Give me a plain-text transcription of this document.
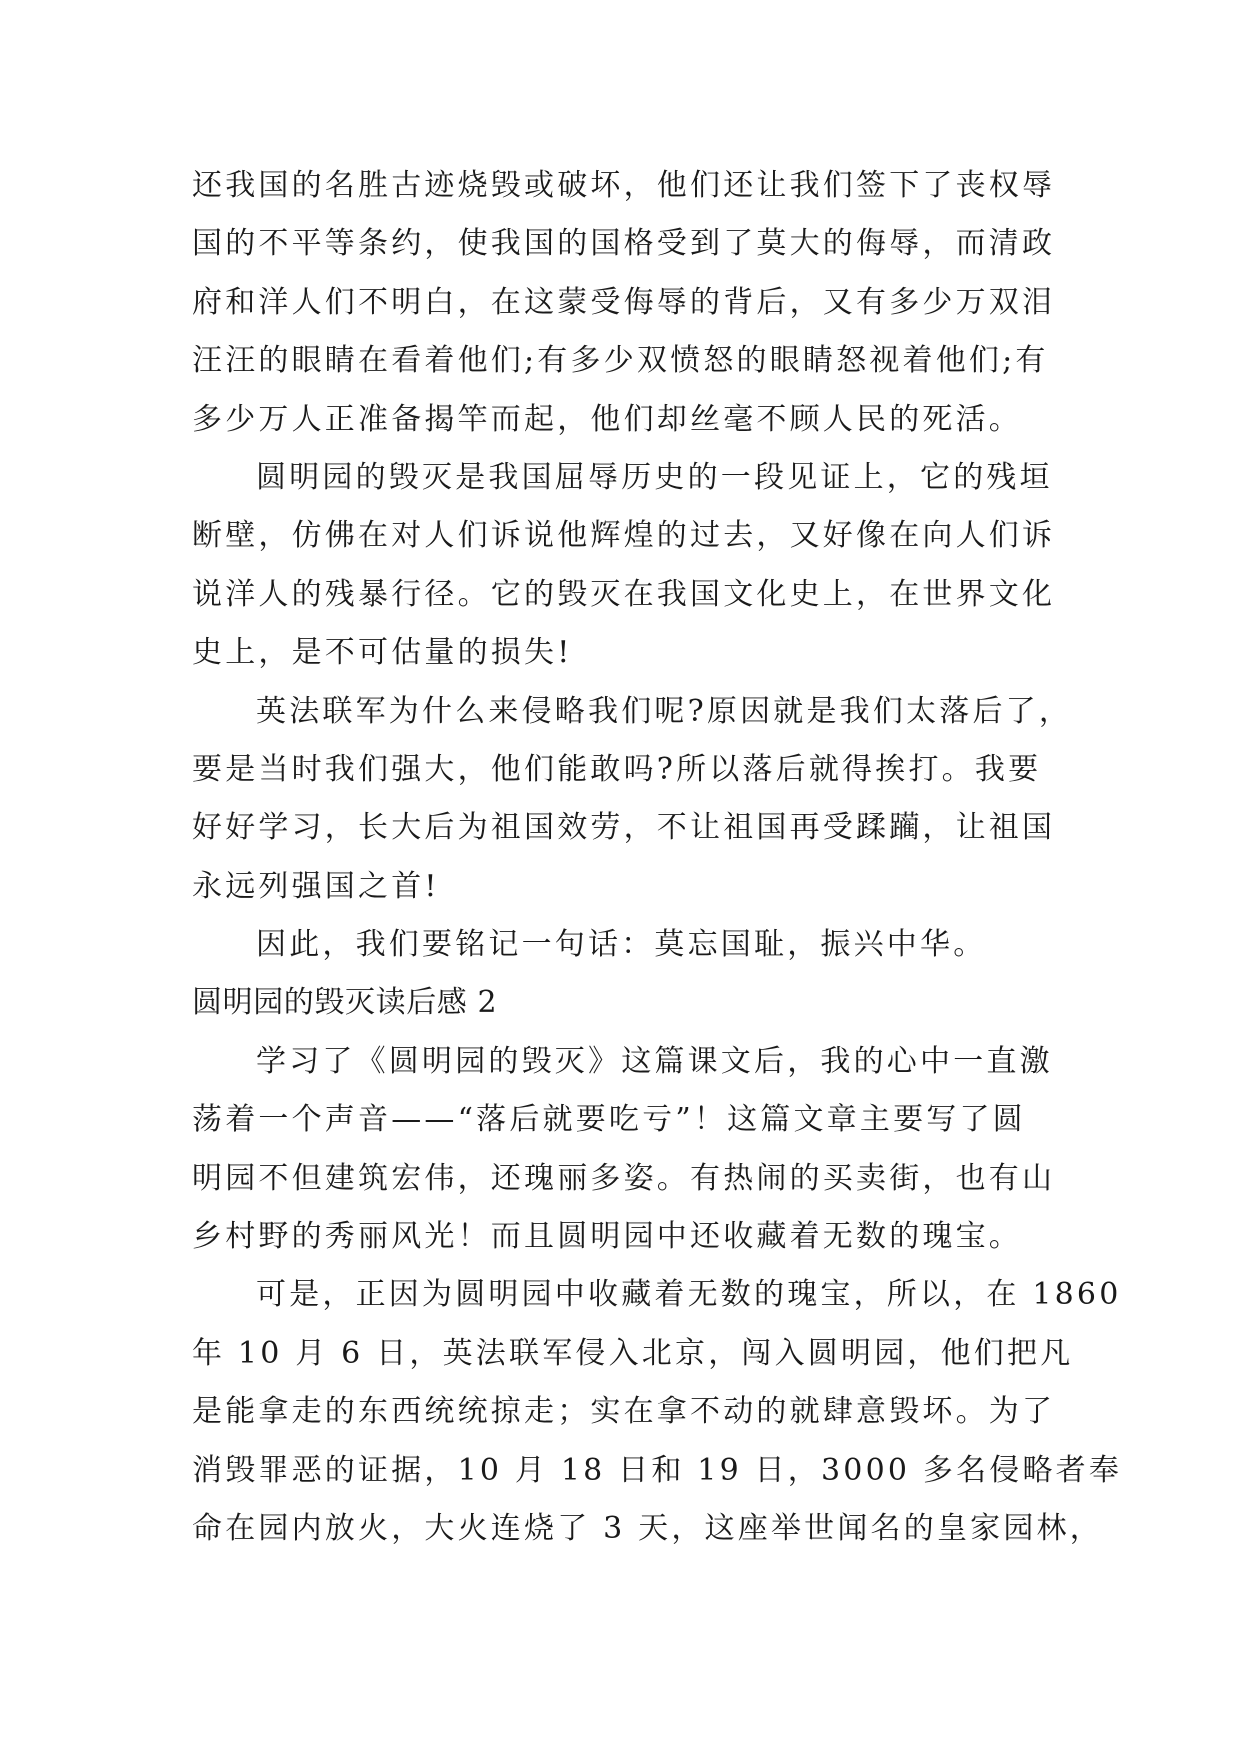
还我国的名胜古迹烧毁或破坏，他们还让我们签下了丧权辱
国的不平等条约，使我国的国格受到了莫大的侮辱，而清政
府和洋人们不明白，在这蒙受侮辱的背后，又有多少万双泪
汪汪的眼睛在看着他们;有多少双愤怒的眼睛怒视着他们;有
多少万人正准备揭竿而起，他们却丝毫不顾人民的死活。
圆明园的毁灭是我国屈辱历史的一段见证上，它的残垣
断壁，仿佛在对人们诉说他辉煌的过去，又好像在向人们诉
说洋人的残暴行径。它的毁灭在我国文化史上，在世界文化
史上，是不可估量的损失!
英法联军为什么来侵略我们呢?原因就是我们太落后了，
要是当时我们强大，他们能敢吗?所以落后就得挨打。我要
好好学习，长大后为祖国效劳，不让祖国再受蹂躏，让祖国
永远列强国之首!
因此，我们要铭记一句话：莫忘国耻，振兴中华。
圆明园的毁灭读后感 2
学习了《圆明园的毁灭》这篇课文后，我的心中一直激
荡着一个声音——“落后就要吃亏”！这篇文章主要写了圆
明园不但建筑宏伟，还瑰丽多姿。有热闹的买卖街，也有山
乡村野的秀丽风光！而且圆明园中还收藏着无数的瑰宝。
可是，正因为圆明园中收藏着无数的瑰宝，所以，在 1860
年 10 月 6 日，英法联军侵入北京，闯入圆明园，他们把凡
是能拿走的东西统统掠走；实在拿不动的就肆意毁坏。为了
消毁罪恶的证据，10 月 18 日和 19 日，3000 多名侵略者奉
命在园内放火，大火连烧了 3 天，这座举世闻名的皇家园林，
